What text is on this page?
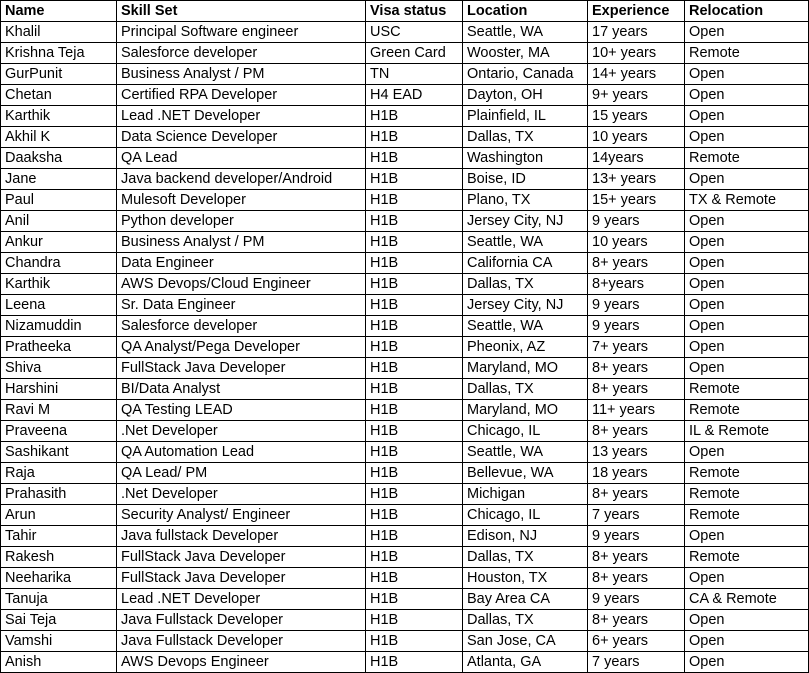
Name	Skill Set	Visa status	Location	Experience	Relocation
Khalil	Principal Software engineer	USC	Seattle, WA	17 years	Open
Krishna Teja	Salesforce developer	Green Card	Wooster, MA	10+ years	Remote
GurPunit	Business Analyst / PM	TN	Ontario, Canada	14+ years	Open
Chetan	Certified RPA Developer	H4 EAD	Dayton, OH	9+ years	Open
Karthik	Lead .NET Developer	H1B	Plainfield, IL	15 years	Open
Akhil K	Data Science Developer	H1B	Dallas, TX	10 years	Open
Daaksha	QA Lead	H1B	Washington	14years	Remote
Jane	Java backend developer/Android	H1B	Boise, ID	13+ years	Open
Paul	Mulesoft Developer	H1B	Plano, TX	15+ years	TX & Remote
Anil	Python developer	H1B	Jersey City, NJ	9 years	Open
Ankur	Business Analyst / PM	H1B	Seattle, WA	10 years	Open
Chandra	Data Engineer	H1B	California CA	8+ years	Open
Karthik	AWS Devops/Cloud Engineer	H1B	Dallas, TX	8+years	Open
Leena	Sr. Data Engineer	H1B	Jersey City, NJ	9 years	Open
Nizamuddin	Salesforce developer	H1B	Seattle, WA	9 years	Open
Pratheeka	QA Analyst/Pega Developer	H1B	Pheonix, AZ	7+ years	Open
Shiva	FullStack Java Developer	H1B	Maryland, MO	8+ years	Open
Harshini	BI/Data Analyst	H1B	Dallas, TX	8+ years	Remote
Ravi M	QA Testing LEAD	H1B	Maryland, MO	11+ years	Remote
Praveena	.Net Developer	H1B	Chicago, IL	8+ years	IL & Remote
Sashikant	QA Automation Lead	H1B	Seattle, WA	13 years	Open
Raja	QA Lead/ PM	H1B	Bellevue, WA	18 years	Remote
Prahasith	.Net Developer	H1B	Michigan	8+ years	Remote
Arun	Security Analyst/ Engineer	H1B	Chicago, IL	7 years	Remote
Tahir	Java fullstack Developer	H1B	Edison, NJ	9 years	Open
Rakesh	FullStack Java Developer	H1B	Dallas, TX	8+ years	Remote
Neeharika	FullStack Java Developer	H1B	Houston, TX	8+ years	Open
Tanuja	Lead .NET Developer	H1B	Bay Area CA	9 years	CA & Remote
Sai Teja	Java Fullstack Developer	H1B	Dallas, TX	8+ years	Open
Vamshi	Java Fullstack Developer	H1B	San Jose, CA	6+ years	Open
Anish	AWS Devops Engineer	H1B	Atlanta, GA	7 years	Open
